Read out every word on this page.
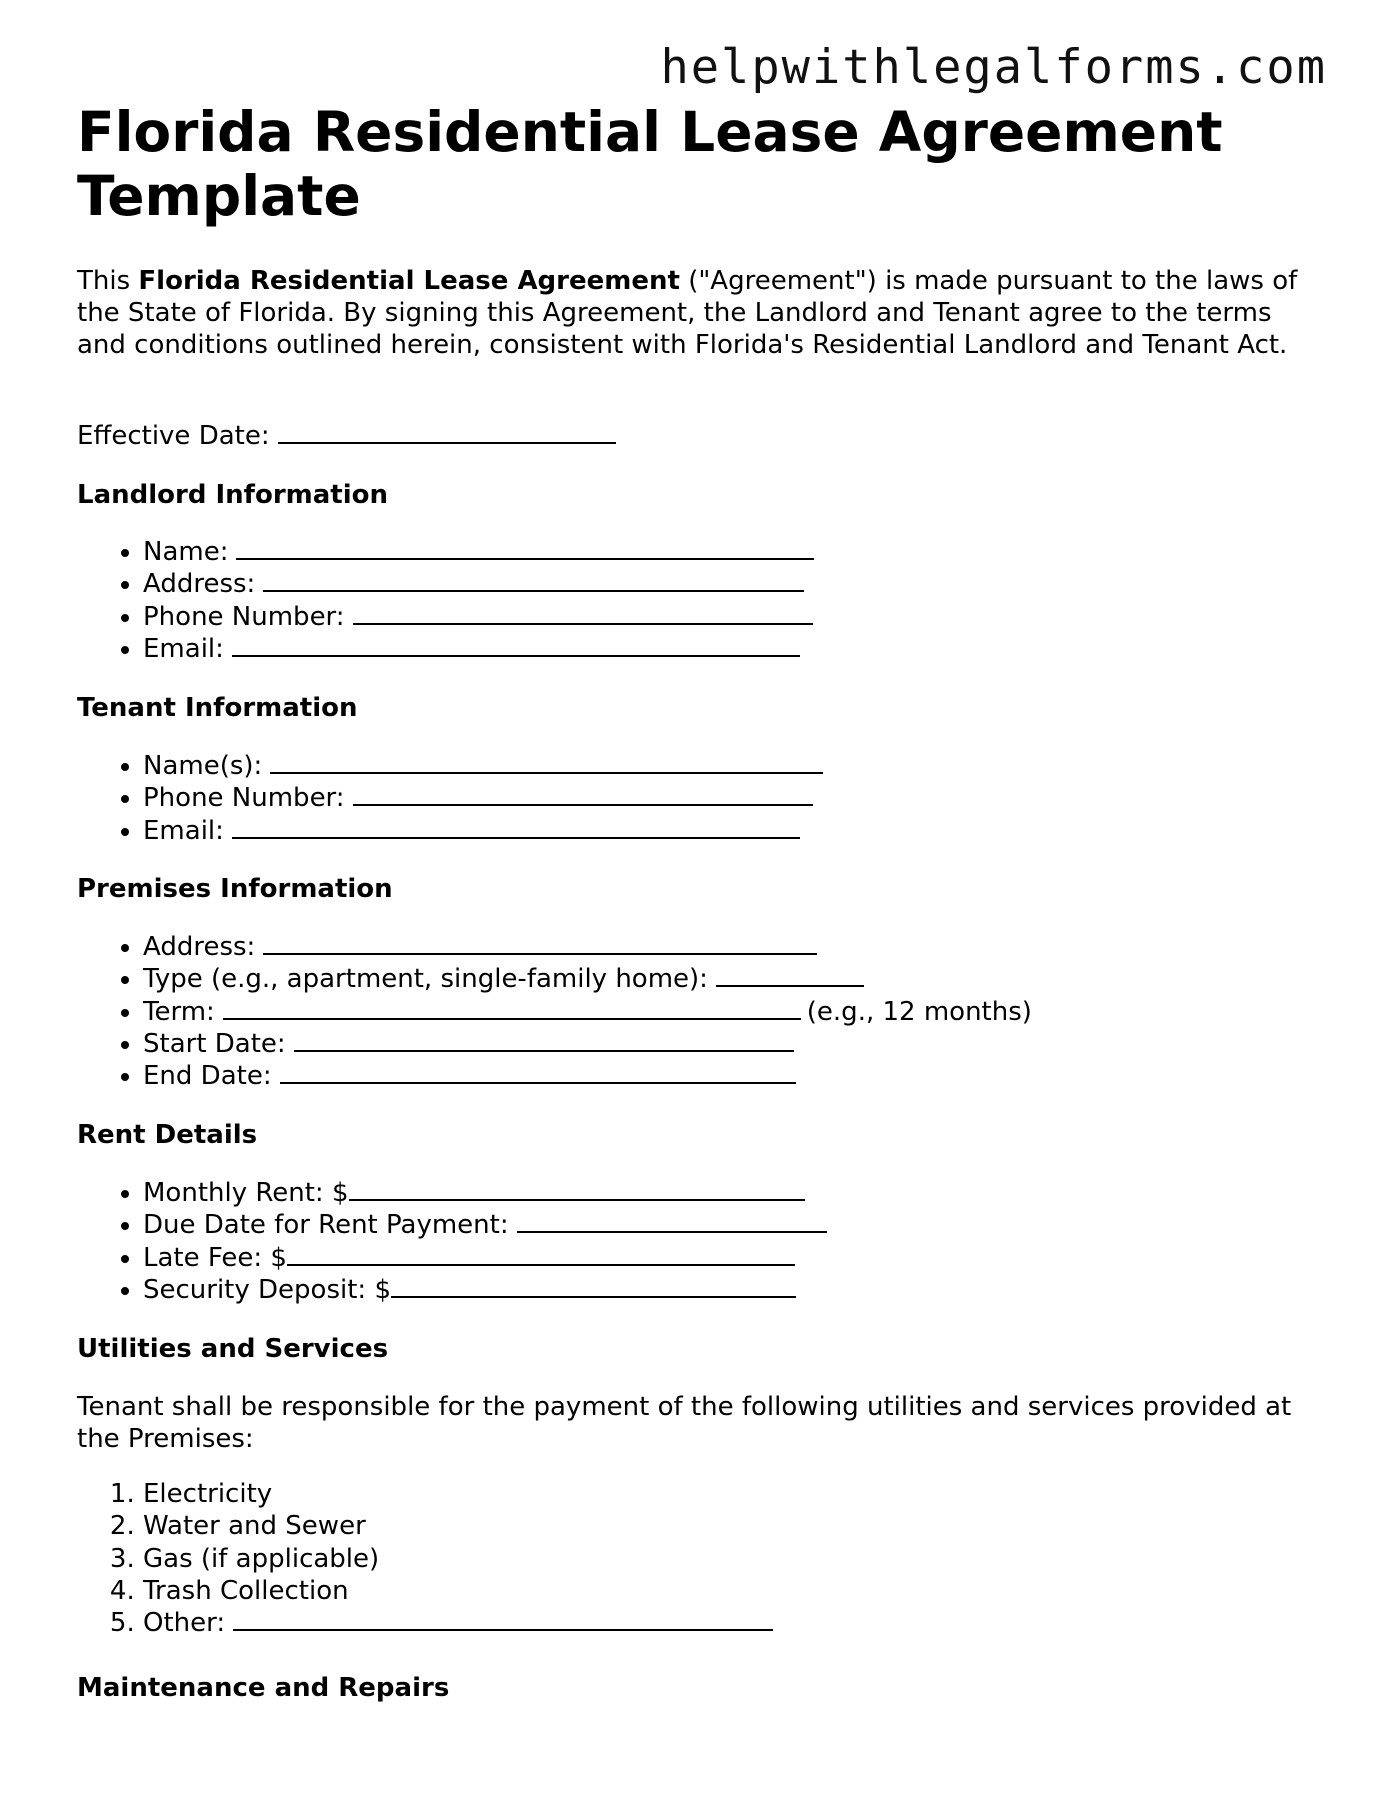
helpwithlegalforms.com
Florida Residential Lease Agreement Template

This Florida Residential Lease Agreement ("Agreement") is made pursuant to the laws of the State of Florida. By signing this Agreement, the Landlord and Tenant agree to the terms and conditions outlined herein, consistent with Florida's Residential Landlord and Tenant Act.

Effective Date:

Landlord Information
• Name:
• Address:
• Phone Number:
• Email:
Tenant Information
• Name(s):
• Phone Number:
• Email:
Premises Information
• Address:
• Type (e.g., apartment, single-family home):
• Term:	(e.g., 12 months)
• Start Date:
• End Date:
Rent Details
• Monthly Rent: $
• Due Date for Rent Payment:
• Late Fee: $
• Security Deposit: $
Utilities and Services

Tenant shall be responsible for the payment of the following utilities and services provided at the Premises:

1. Electricity
2. Water and Sewer
3. Gas (if applicable)
4. Trash Collection
5. Other:
Maintenance and Repairs
